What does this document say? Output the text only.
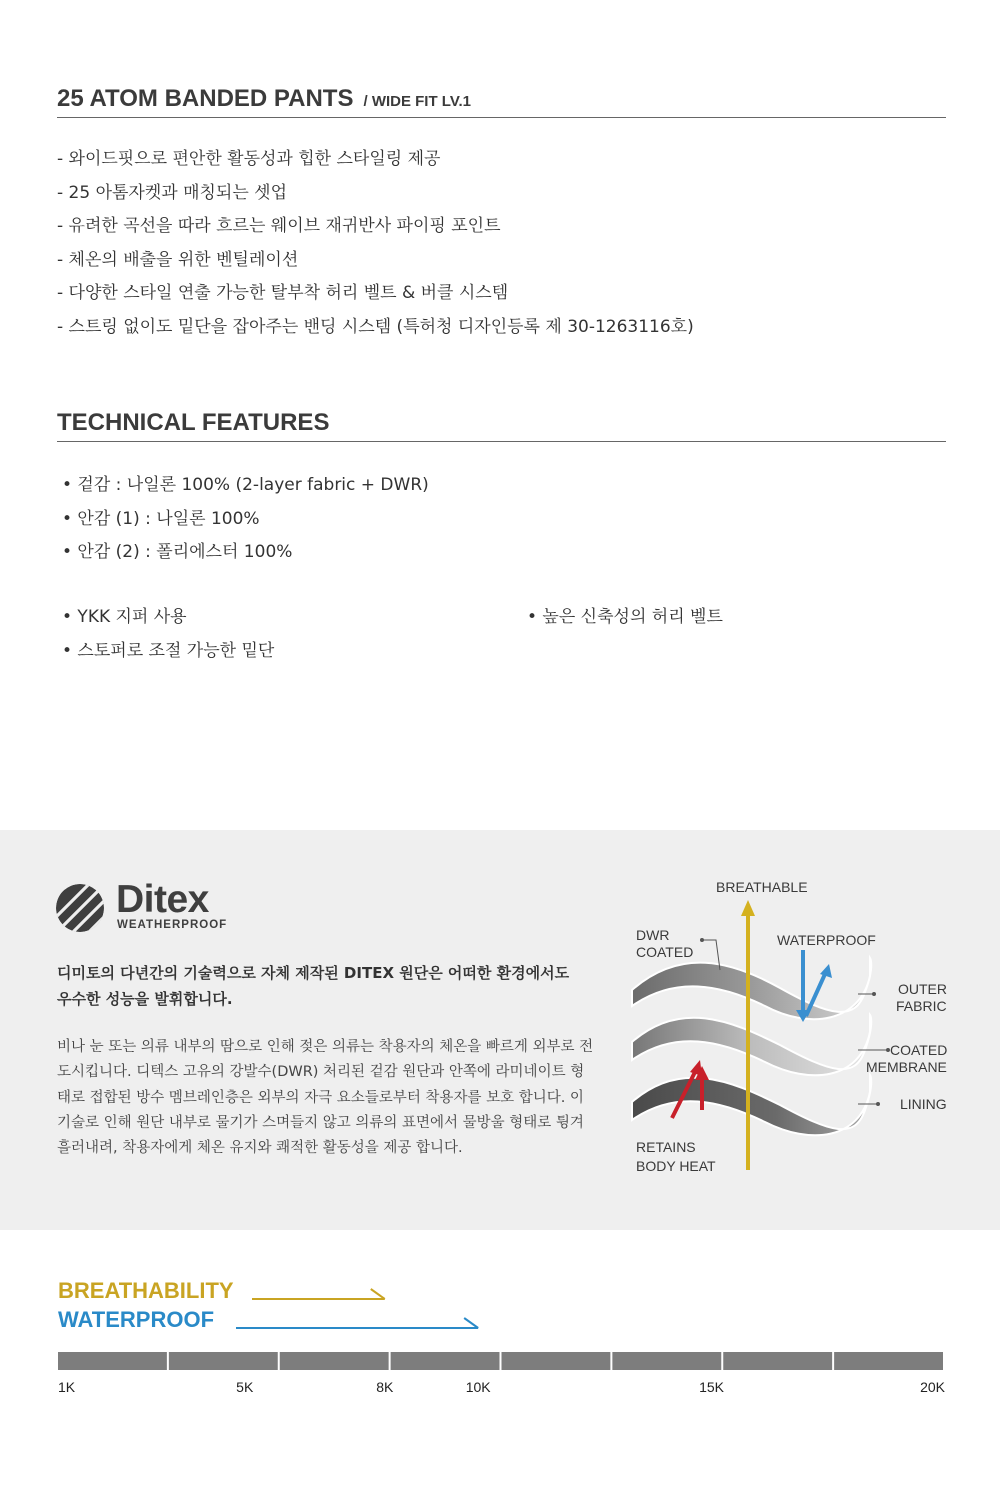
25 ATOM BANDED PANTS / WIDE FIT LV.1
- 와이드핏으로 편안한 활동성과 힙한 스타일링 제공
- 25 아톰자켓과 매칭되는 셋업
- 유려한 곡선을 따라 흐르는 웨이브 재귀반사 파이핑 포인트
- 체온의 배출을 위한 벤틸레이션
- 다양한 스타일 연출 가능한 탈부착 허리 벨트 & 버클 시스템
- 스트링 없이도 밑단을 잡아주는 밴딩 시스템 (특허청 디자인등록 제 30-1263116호)
TECHNICAL FEATURES
• 겉감 : 나일론 100% (2-layer fabric + DWR)
• 안감 (1) : 나일론 100%
• 안감 (2) : 폴리에스터 100%
• YKK 지퍼 사용
• 스토퍼로 조절 가능한 밑단
• 높은 신축성의 허리 벨트
Ditex
WEATHERPROOF
디미토의 다년간의 기술력으로 자체 제작된 DITEX 원단은 어떠한 환경에서도 우수한 성능을 발휘합니다.
비나 눈 또는 의류 내부의 땀으로 인해 젖은 의류는 착용자의 체온을 빠르게 외부로 전도시킵니다. 디텍스 고유의 강발수(DWR) 처리된 겉감 원단과 안쪽에 라미네이트 형태로 접합된 방수 멤브레인층은 외부의 자극 요소들로부터 착용자를 보호 합니다. 이 기술로 인해 원단 내부로 물기가 스며들지 않고 의류의 표면에서 물방울 형태로 튕겨 흘러내려, 착용자에게 체온 유지와 쾌적한 활동성을 제공 합니다.
BREATHABLE
DWR
COATED
WATERPROOF
OUTER
FABRIC
COATED
MEMBRANE
LINING
RETAINS
BODY HEAT
BREATHABILITY
WATERPROOF
1K	5K	8K	10K	15K	20K
